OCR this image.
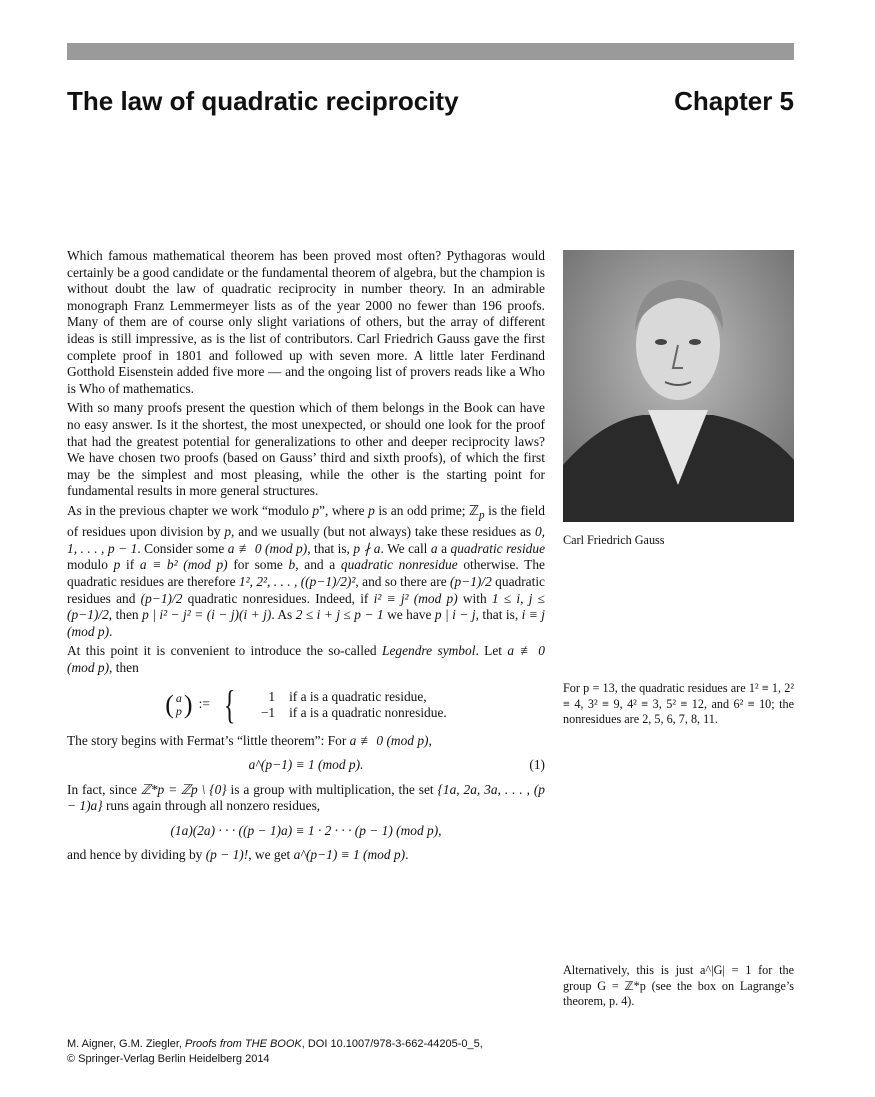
The law of quadratic reciprocity	Chapter 5

Which famous mathematical theorem has been proved most often? Pythagoras would certainly be a good candidate or the fundamental theorem of algebra, but the champion is without doubt the law of quadratic reciprocity in number theory. In an admirable monograph Franz Lemmermeyer lists as of the year 2000 no fewer than 196 proofs. Many of them are of course only slight variations of others, but the array of different ideas is still impressive, as is the list of contributors. Carl Friedrich Gauss gave the first complete proof in 1801 and followed up with seven more. A little later Ferdinand Gotthold Eisenstein added five more — and the ongoing list of provers reads like a Who is Who of mathematics.

With so many proofs present the question which of them belongs in the Book can have no easy answer. Is it the shortest, the most unexpected, or should one look for the proof that had the greatest potential for generalizations to other and deeper reciprocity laws? We have chosen two proofs (based on Gauss’ third and sixth proofs), of which the first may be the simplest and most pleasing, while the other is the starting point for fundamental results in more general structures.

As in the previous chapter we work “modulo p”, where p is an odd prime; ℤ$_p$ is the field of residues upon division by p, and we usually (but not always) take these residues as 0, 1, . . . , p − 1. Consider some a ≢ 0 (mod p), that is, p ∤ a. We call a a quadratic residue modulo p if a ≡ b² (mod p) for some b, and a quadratic nonresidue otherwise. The quadratic residues are therefore 1², 2², . . . , ((p−1)/2)², and so there are (p−1)/2 quadratic residues and (p−1)/2 quadratic nonresidues. Indeed, if i² ≡ j² (mod p) with 1 ≤ i, j ≤ (p−1)/2, then p | i² − j² = (i − j)(i + j). As 2 ≤ i + j ≤ p − 1 we have p | i − j, that is, i ≡ j (mod p).

At this point it is convenient to introduce the so-called Legendre symbol. Let a ≢ 0 (mod p), then

( a
p ) := {	1	if a is a quadratic residue,
−1	if a is a quadratic nonresidue.

The story begins with Fermat’s “little theorem”: For a ≢ 0 (mod p),

a^(p−1) ≡ 1 (mod p).	(1)

In fact, since ℤ*p = ℤp \ {0} is a group with multiplication, the set {1a, 2a, 3a, . . . , (p − 1)a} runs again through all nonzero residues,

(1a)(2a) · · · ((p − 1)a) ≡ 1 · 2 · · · (p − 1) (mod p),

and hence by dividing by (p − 1)!, we get a^(p−1) ≡ 1 (mod p).

Carl Friedrich Gauss
For p = 13, the quadratic residues are 1² ≡ 1, 2² ≡ 4, 3² ≡ 9, 4² ≡ 3, 5² ≡ 12, and 6² ≡ 10; the nonresidues are 2, 5, 6, 7, 8, 11.
Alternatively, this is just a^|G| = 1 for the group G = ℤ*p (see the box on Lagrange’s theorem, p. 4).
M. Aigner, G.M. Ziegler, Proofs from THE BOOK, DOI 10.1007/978-3-662-44205-0_5,
© Springer-Verlag Berlin Heidelberg 2014
